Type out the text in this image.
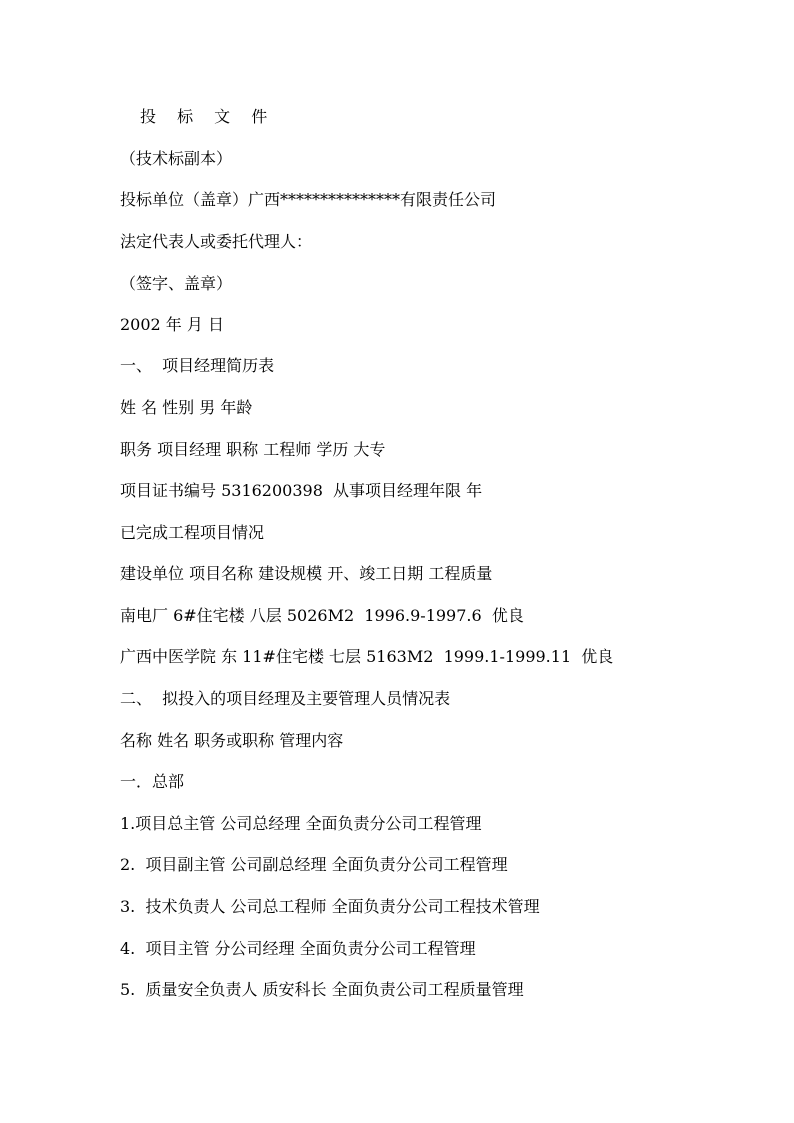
投 标 文 件
（技术标副本）
投标单位（盖章）广西***************有限责任公司
法定代表人或委托代理人：
（签字、盖章）
2002 年 月 日
一、  项目经理简历表
姓 名 性别 男 年龄
职务 项目经理 职称 工程师 学历 大专
项目证书编号 5316200398  从事项目经理年限 年
已完成工程项目情况
建设单位 项目名称 建设规模 开、竣工日期 工程质量
南电厂 6#住宅楼 八层 5026M2  1996.9-1997.6  优良
广西中医学院 东 11#住宅楼 七层 5163M2  1999.1-1999.11  优良
二、  拟投入的项目经理及主要管理人员情况表
名称 姓名 职务或职称 管理内容
一．总部
1.项目总主管 公司总经理 全面负责分公司工程管理
2.  项目副主管 公司副总经理 全面负责分公司工程管理
3.  技术负责人 公司总工程师 全面负责分公司工程技术管理
4.  项目主管 分公司经理 全面负责分公司工程管理
5.  质量安全负责人 质安科长 全面负责公司工程质量管理
